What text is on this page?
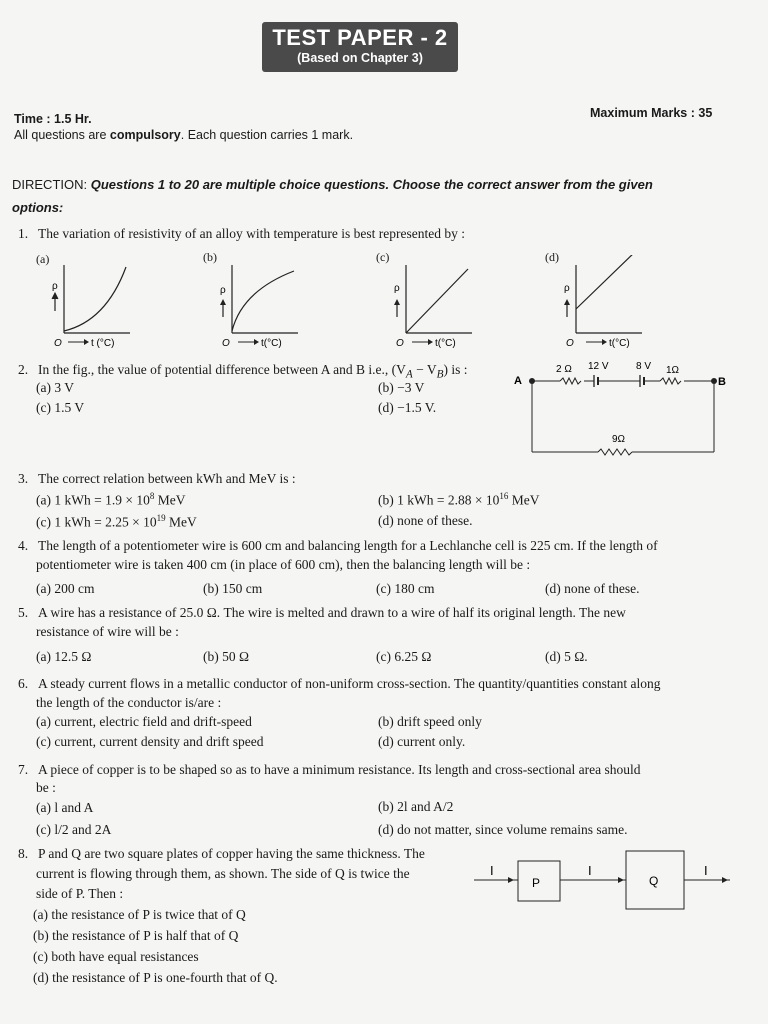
TEST PAPER - 2
(Based on Chapter 3)
Time : 1.5 Hr.	Maximum Marks : 35
All questions are compulsory. Each question carries 1 mark.
DIRECTION: Questions 1 to 20 are multiple choice questions. Choose the correct answer from the given
options:
1. The variation of resistivity of an alloy with temperature is best represented by :
(a)	(b)	(c)	(d)
ρ
O	t (°C)
ρ
O	t(°C)
ρ
O	t(°C)
ρ
O	t(°C)
2. In the fig., the value of potential difference between A and B i.e., $(V_A - V_B)$ is :
(a) 3 V	(b) −3 V
(c) 1.5 V	(d) −1.5 V.
A
2 Ω 12 V	8 V 1Ω
B
9Ω
3. The correct relation between kWh and MeV is :
(a) 1 kWh = $1.9 \times 10^8$ MeV	(b) 1 kWh = $2.88 \times 10^{16}$ MeV
(c) 1 kWh = $2.25 \times 10^{19}$ MeV	(d) none of these.
4. The length of a potentiometer wire is 600 cm and balancing length for a Lechlanche cell is 225 cm. If the length of
potentiometer wire is taken 400 cm (in place of 600 cm), then the balancing length will be :
(a) 200 cm	(b) 150 cm	(c) 180 cm	(d) none of these.
5. A wire has a resistance of 25.0 Ω. The wire is melted and drawn to a wire of half its original length. The new
resistance of wire will be :
(a) 12.5 Ω	(b) 50 Ω	(c) 6.25 Ω	(d) 5 Ω.
6. A steady current flows in a metallic conductor of non-uniform cross-section. The quantity/quantities constant along
the length of the conductor is/are :
(a) current, electric field and drift-speed	(b) drift speed only
(c) current, current density and drift speed	(d) current only.
7. A piece of copper is to be shaped so as to have a minimum resistance. Its length and cross-sectional area should
be :
(a) l and A	(b) 2l and A/2
(c) l/2 and 2A	(d) do not matter, since volume remains same.
8. P and Q are two square plates of copper having the same thickness. The
current is flowing through them, as shown. The side of Q is twice the
side of P. Then :
(a) the resistance of P is twice that of Q
(b) the resistance of P is half that of Q
(c) both have equal resistances
(d) the resistance of P is one-fourth that of Q.
I
P
I
Q
I
